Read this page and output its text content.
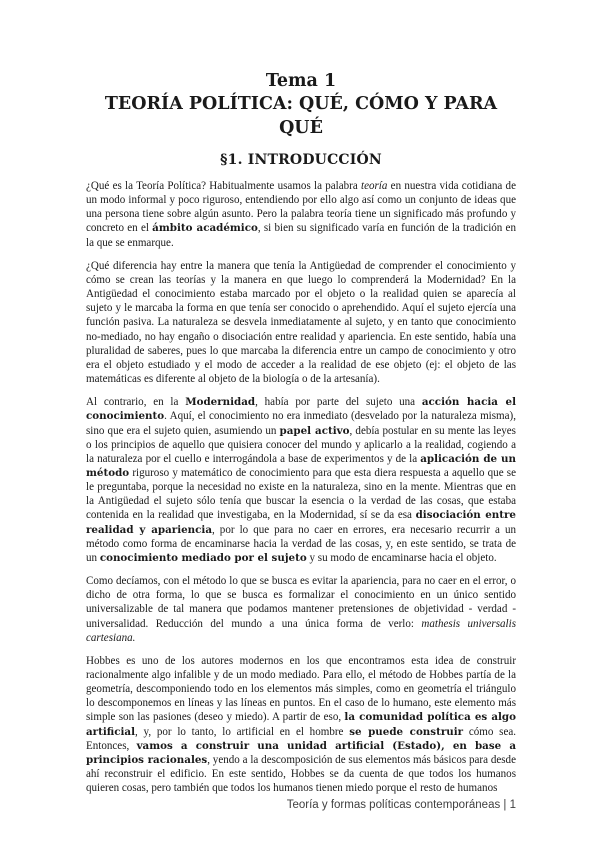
Tema 1
TEORÍA POLÍTICA: QUÉ, CÓMO Y PARA QUÉ
§1. INTRODUCCIÓN

¿Qué es la Teoría Política? Habitualmente usamos la palabra teoría en nuestra vida cotidiana de un modo informal y poco riguroso, entendiendo por ello algo así como un conjunto de ideas que una persona tiene sobre algún asunto. Pero la palabra teoría tiene un significado más profundo y concreto en el ámbito académico, si bien su significado varía en función de la tradición en la que se enmarque.

¿Qué diferencia hay entre la manera que tenía la Antigüedad de comprender el conocimiento y cómo se crean las teorías y la manera en que luego lo comprenderá la Modernidad? En la Antigüedad el conocimiento estaba marcado por el objeto o la realidad quien se aparecía al sujeto y le marcaba la forma en que tenía ser conocido o aprehendido. Aquí el sujeto ejercía una función pasiva. La naturaleza se desvela inmediatamente al sujeto, y en tanto que conocimiento no-mediado, no hay engaño o disociación entre realidad y apariencia. En este sentido, había una pluralidad de saberes, pues lo que marcaba la diferencia entre un campo de conocimiento y otro era el objeto estudiado y el modo de acceder a la realidad de ese objeto (ej: el objeto de las matemáticas es diferente al objeto de la biología o de la artesanía).

Al contrario, en la Modernidad, había por parte del sujeto una acción hacia el conocimiento. Aquí, el conocimiento no era inmediato (desvelado por la naturaleza misma), sino que era el sujeto quien, asumiendo un papel activo, debía postular en su mente las leyes o los principios de aquello que quisiera conocer del mundo y aplicarlo a la realidad, cogiendo a la naturaleza por el cuello e interrogándola a base de experimentos y de la aplicación de un método riguroso y matemático de conocimiento para que esta diera respuesta a aquello que se le preguntaba, porque la necesidad no existe en la naturaleza, sino en la mente. Mientras que en la Antigüedad el sujeto sólo tenía que buscar la esencia o la verdad de las cosas, que estaba contenida en la realidad que investigaba, en la Modernidad, sí se da esa disociación entre realidad y apariencia, por lo que para no caer en errores, era necesario recurrir a un método como forma de encaminarse hacia la verdad de las cosas, y, en este sentido, se trata de un conocimiento mediado por el sujeto y su modo de encaminarse hacia el objeto.

Como decíamos, con el método lo que se busca es evitar la apariencia, para no caer en el error, o dicho de otra forma, lo que se busca es formalizar el conocimiento en un único sentido universalizable de tal manera que podamos mantener pretensiones de objetividad - verdad - universalidad. Reducción del mundo a una única forma de verlo: mathesis universalis cartesiana.

Hobbes es uno de los autores modernos en los que encontramos esta idea de construir racionalmente algo infalible y de un modo mediado. Para ello, el método de Hobbes partía de la geometría, descomponiendo todo en los elementos más simples, como en geometría el triángulo lo descomponemos en líneas y las líneas en puntos. En el caso de lo humano, este elemento más simple son las pasiones (deseo y miedo). A partir de eso, la comunidad política es algo artificial, y, por lo tanto, lo artificial en el hombre se puede construir cómo sea. Entonces, vamos a construir una unidad artificial (Estado), en base a principios racionales, yendo a la descomposición de sus elementos más básicos para desde ahí reconstruir el edificio. En este sentido, Hobbes se da cuenta de que todos los humanos quieren cosas, pero también que todos los humanos tienen miedo porque el resto de humanos

Teoría y formas políticas contemporáneas | 1
